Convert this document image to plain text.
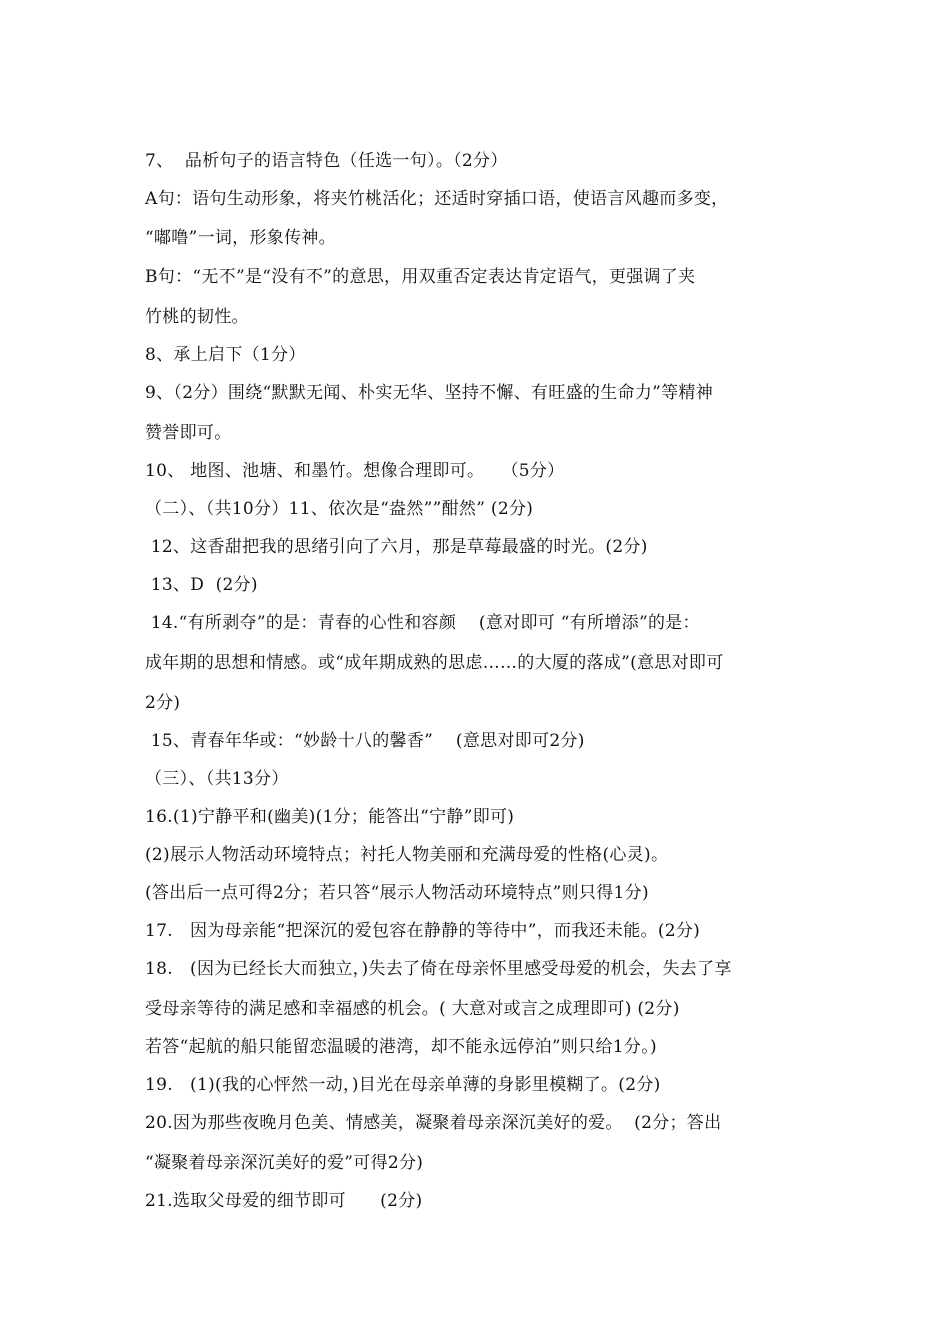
7、  品析句子的语言特色（任选一句）。（2分）
A句：语句生动形象，将夹竹桃活化；还适时穿插口语，使语言风趣而多变，
“嘟噜”一词，形象传神。
B句：“无不”是“没有不”的意思，用双重否定表达肯定语气，更强调了夹
竹桃的韧性。
8、承上启下（1分）
9、（2分）围绕“默默无闻、朴实无华、坚持不懈、有旺盛的生命力”等精神
赞誉即可。
10、 地图、池塘、和墨竹。想像合理即可。   （5分）
（二）、（共10分）11、依次是“盎然””酣然” (2分)
12、这香甜把我的思绪引向了六月，那是草莓最盛的时光。(2分)
13、D  (2分)
14.“有所剥夺”的是：青春的心性和容颜    (意对即可 “有所增添”的是：
成年期的思想和情感。或“成年期成熟的思虑……的大厦的落成”(意思对即可
2分)
15、青春年华或：“妙龄十八的馨香”    (意思对即可2分)
（三）、（共13分）
16.(1)宁静平和(幽美)(1分；能答出“宁静”即可)
(2)展示人物活动环境特点；衬托人物美丽和充满母爱的性格(心灵)。
(答出后一点可得2分；若只答“展示人物活动环境特点”则只得1分)
17.   因为母亲能“把深沉的爱包容在静静的等待中”，而我还未能。(2分)
18.   (因为已经长大而独立，)失去了倚在母亲怀里感受母爱的机会，失去了享
受母亲等待的满足感和幸福感的机会。( 大意对或言之成理即可) (2分)
若答“起航的船只能留恋温暖的港湾，却不能永远停泊”则只给1分。)
19.   (1)(我的心怦然一动，)目光在母亲单薄的身影里模糊了。(2分)
20.因为那些夜晚月色美、情感美，凝聚着母亲深沉美好的爱。  (2分；答出
“凝聚着母亲深沉美好的爱”可得2分)
21.选取父母爱的细节即可      (2分)
